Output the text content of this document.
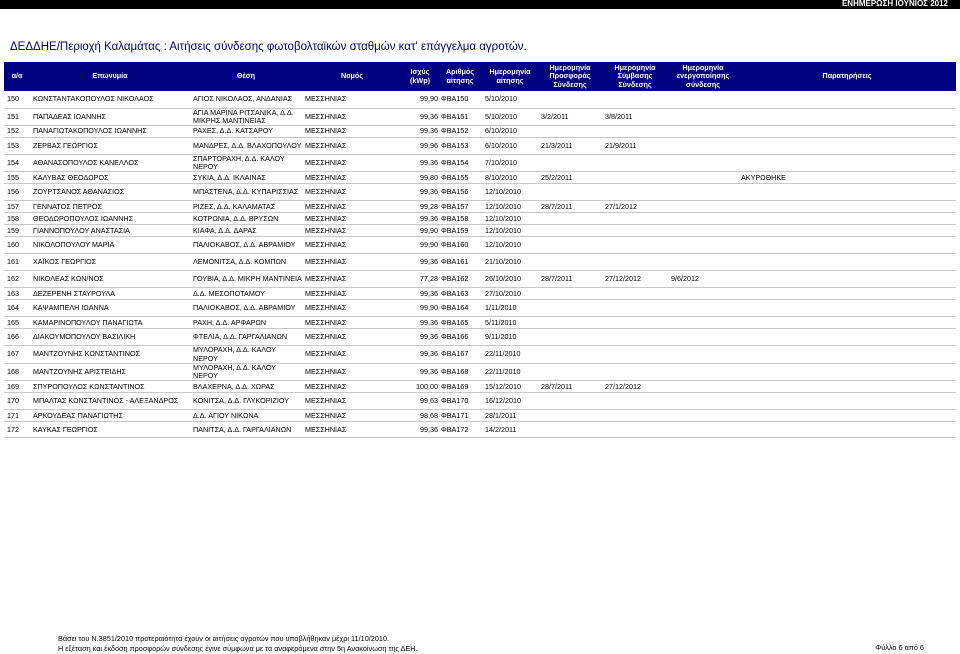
ΕΝΗΜΕΡΩΣΗ ΙΟΥΝΙΟΣ 2012
ΔΕΔΔΗΕ/Περιοχή Καλαμάτας : Αιτήσεις σύνδεσης φωτοβολταϊκών σταθμών κατ' επάγγελμα αγροτών.
α/α	Επωνυμία	Θέση	Νομός	Ισχύς (kWp)	Αριθμός αίτησης	Ημερομηνία αίτησης	Ημερομηνία Προσφοράς Σύνδεσης	Ημερομηνία Σύμβασης Σύνδεσης	Ημερομηνία ενεργοποίησης σύνδεσης	Παρατηρήσεις
150	ΚΩΝΣΤΑΝΤΑΚΟΠΟΥΛΟΣ ΝΙΚΟΛΑΟΣ	ΑΓΙΟΣ ΝΙΚΟΛΑΟΣ, ΑΝΔΑΝΙΑΣ	ΜΕΣΣΗΝΙΑΣ	99,90	ΦΒΑ150	5/10/2010				
151	ΠΑΠΑΔΕΑΣ ΙΩΑΝΝΗΣ	ΑΓΙΑ ΜΑΡΙΝΑ ΡΙΤΣΑΝΙΚΑ, Δ.Δ. ΜΙΚΡΗΣ ΜΑΝΤΙΝΕΙΑΣ	ΜΕΣΣΗΝΙΑΣ	99,36	ΦΒΑ151	5/10/2010	3/2/2011	3/8/2011		
152	ΠΑΝΑΓΙΩΤΑΚΟΠΟΥΛΟΣ ΙΩΑΝΝΗΣ	ΡΑΧΕΣ, Δ.Δ. ΚΑΤΣΑΡΟΥ	ΜΕΣΣΗΝΙΑΣ	99,36	ΦΒΑ152	6/10/2010				
153	ΖΕΡΒΑΣ ΓΕΩΡΓΙΟΣ	ΜΑΝΔΡΕΣ, Δ.Δ. ΒΛΑΧΟΠΟΥΛΟΥ	ΜΕΣΣΗΝΙΑΣ	99,96	ΦΒΑ153	6/10/2010	21/3/2011	21/9/2011		
154	ΑΘΑΝΑΣΟΠΟΥΛΟΣ ΚΑΝΕΛΛΟΣ	ΣΠΑΡΤΟΡΑΧΗ, Δ.Δ. ΚΑΛΟΥ ΝΕΡΟΥ	ΜΕΣΣΗΝΙΑΣ	99,36	ΦΒΑ154	7/10/2010				
155	ΚΑΛΥΒΑΣ ΘΕΟΔΩΡΟΣ	ΣΥΚΙΑ, Δ.Δ. ΙΚΛΑΙΝΑΣ	ΜΕΣΣΗΝΙΑΣ	99,80	ΦΒΑ155	8/10/2010	25/2/2011			ΑΚΥΡΩΘΗΚΕ
156	ΖΟΥΡΤΣΑΝΟΣ ΑΘΑΝΑΣΙΟΣ	ΜΠΑΣΤΕΝΑ, Δ.Δ. ΚΥΠΑΡΙΣΣΙΑΣ	ΜΕΣΣΗΝΙΑΣ	99,36	ΦΒΑ156	12/10/2010				
157	ΓΕΝΝΑΤΟΣ ΠΕΤΡΟΣ	ΡΙΖΕΣ, Δ.Δ. ΚΑΛΑΜΑΤΑΣ	ΜΕΣΣΗΝΙΑΣ	99,28	ΦΒΑ157	12/10/2010	28/7/2011	27/1/2012		
158	ΘΕΟΔΩΡΟΠΟΥΛΟΣ ΙΩΑΝΝΗΣ	ΚΟΤΡΩΝΙΑ, Δ.Δ. ΒΡΥΣΩΝ	ΜΕΣΣΗΝΙΑΣ	99,36	ΦΒΑ158	12/10/2010				
159	ΓΙΑΝΝΟΠΟΥΛΟΥ ΑΝΑΣΤΑΣΙΑ	ΚΙΑΦΑ, Δ.Δ. ΔΑΡΑΣ	ΜΕΣΣΗΝΙΑΣ	99,90	ΦΒΑ159	12/10/2010				
160	ΝΙΚΟΛΟΠΟΥΛΟΥ ΜΑΡΙΑ	ΠΑΛΙΟΚΑΒΟΣ, Δ.Δ. ΑΒΡΑΜΙΟΥ	ΜΕΣΣΗΝΙΑΣ	99,90	ΦΒΑ160	12/10/2010				
161	ΧΑΪΚΟΣ ΓΕΩΡΓΙΟΣ	ΛΕΜΟΝΙΤΣΑ, Δ.Δ. ΚΟΜΠΩΝ	ΜΕΣΣΗΝΙΑΣ	99,36	ΦΒΑ161	21/10/2010				
162	ΝΙΚΟΛΕΑΣ ΚΩΝ/ΝΟΣ	ΓΟΥΒΙΑ, Δ.Δ. ΜΙΚΡΗ ΜΑΝΤΙΝΕΙΑ	ΜΕΣΣΗΝΙΑΣ	77,28	ΦΒΑ162	26/10/2010	28/7/2011	27/12/2012	9/6/2012	
163	ΔΕΖΕΡΕΝΗ ΣΤΑΥΡΟΥΛΑ	Δ.Δ. ΜΕΣΟΠΟΤΑΜΟΥ	ΜΕΣΣΗΝΙΑΣ	99,36	ΦΒΑ163	27/10/2010				
164	ΚΑΨΑΜΠΕΛΗ ΙΩΑΝΝΑ	ΠΑΛΙΟΚΑΒΟΣ, Δ.Δ. ΑΒΡΑΜΙΟΥ	ΜΕΣΣΗΝΙΑΣ	99,90	ΦΒΑ164	1/11/2010				
165	ΚΑΜΑΡΙΝΟΠΟΥΛΟΥ ΠΑΝΑΓΙΩΤΑ	ΡΑΧΗ, Δ.Δ. ΑΡΦΑΡΩΝ	ΜΕΣΣΗΝΙΑΣ	99,36	ΦΒΑ165	5/11/2010				
166	ΔΙΑΚΟΥΜΟΠΟΥΛΟΥ ΒΑΣΙΛΙΚΗ	ΦΤΕΛΙΑ, Δ.Δ. ΓΑΡΓΑΛΙΑΝΩΝ	ΜΕΣΣΗΝΙΑΣ	99,36	ΦΒΑ166	9/11/2010				
167	ΜΑΝΤΖΟΥΝΗΣ ΚΩΝΣΤΑΝΤΙΝΟΣ	ΜΥΛΟΡΑΧΗ, Δ.Δ. ΚΑΛΟΥ ΝΕΡΟΥ	ΜΕΣΣΗΝΙΑΣ	99,36	ΦΒΑ167	22/11/2010				
168	ΜΑΝΤΖΟΥΝΗΣ ΑΡΙΣΤΕΙΔΗΣ	ΜΥΛΟΡΑΧΗ, Δ.Δ. ΚΑΛΟΥ ΝΕΡΟΥ	ΜΕΣΣΗΝΙΑΣ	99,36	ΦΒΑ168	22/11/2010				
169	ΣΠΥΡΟΠΟΥΛΟΣ ΚΩΝΣΤΑΝΤΙΝΟΣ	ΒΛΑΧΕΡΝΑ, Δ.Δ. ΧΩΡΑΣ	ΜΕΣΣΗΝΙΑΣ	100,00	ΦΒΑ169	15/12/2010	28/7/2011	27/12/2012		
170	ΜΠΑΛΤΑΣ ΚΩΝΣΤΑΝΤΙΝΟΣ - ΑΛΕΞΑΝΔΡΟΣ	ΚΟΝΙΤΣΑ, Δ.Δ. ΓΛΥΚΟΡΙΖΙΟΥ	ΜΕΣΣΗΝΙΑΣ	99,63	ΦΒΑ170	16/12/2010				
171	ΑΡΚΟΥΔΕΑΣ ΠΑΝΑΓΙΩΤΗΣ	Δ.Δ. ΑΓΙΟΥ ΝΙΚΩΝΑ	ΜΕΣΣΗΝΙΑΣ	98,68	ΦΒΑ171	28/1/2011				
172	ΚΑΥΚΑΣ ΓΕΩΡΓΙΟΣ	ΠΑΝΙΤΣΑ, Δ.Δ. ΓΑΡΓΑΛΙΑΝΩΝ	ΜΕΣΣΗΝΙΑΣ	99,36	ΦΒΑ172	14/2/2011				
Βάσει του Ν.3851/2010 προτεραιότητα έχουν οι αιτήσεις αγροτών που υποβλήθηκαν μέχρι 11/10/2010.
Η εξέταση και έκδοση προσφορών σύνδεσης έγινε σύμφωνα με τα αναφερόμενα στην 5η Ανακοίνωση της ΔΕΗ.	Φύλλο 6 από 6
